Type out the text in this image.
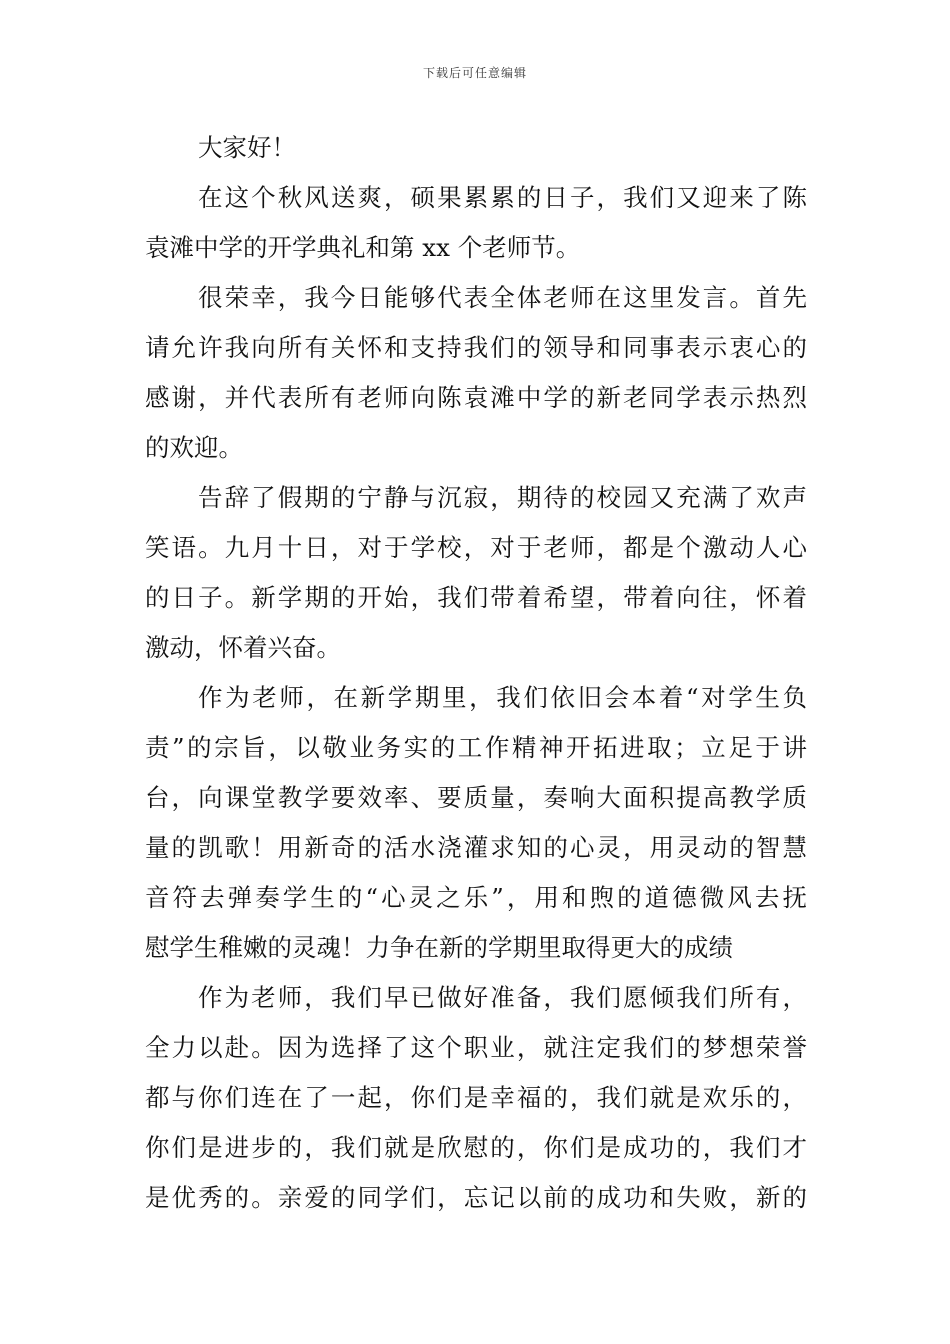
下载后可任意编辑
大家好！
在这个秋风送爽，硕果累累的日子，我们又迎来了陈
袁滩中学的开学典礼和第 xx 个老师节。
很荣幸，我今日能够代表全体老师在这里发言。首先
请允许我向所有关怀和支持我们的领导和同事表示衷心的
感谢，并代表所有老师向陈袁滩中学的新老同学表示热烈
的欢迎。
告辞了假期的宁静与沉寂，期待的校园又充满了欢声
笑语。九月十日，对于学校，对于老师，都是个激动人心
的日子。新学期的开始，我们带着希望，带着向往，怀着
激动，怀着兴奋。
作为老师，在新学期里，我们依旧会本着“对学生负
责”的宗旨，以敬业务实的工作精神开拓进取；立足于讲
台，向课堂教学要效率、要质量，奏响大面积提高教学质
量的凯歌！用新奇的活水浇灌求知的心灵，用灵动的智慧
音符去弹奏学生的“心灵之乐”，用和煦的道德微风去抚
慰学生稚嫩的灵魂！力争在新的学期里取得更大的成绩
作为老师，我们早已做好准备，我们愿倾我们所有，
全力以赴。因为选择了这个职业，就注定我们的梦想荣誉
都与你们连在了一起，你们是幸福的，我们就是欢乐的，
你们是进步的，我们就是欣慰的，你们是成功的，我们才
是优秀的。亲爱的同学们，忘记以前的成功和失败，新的
